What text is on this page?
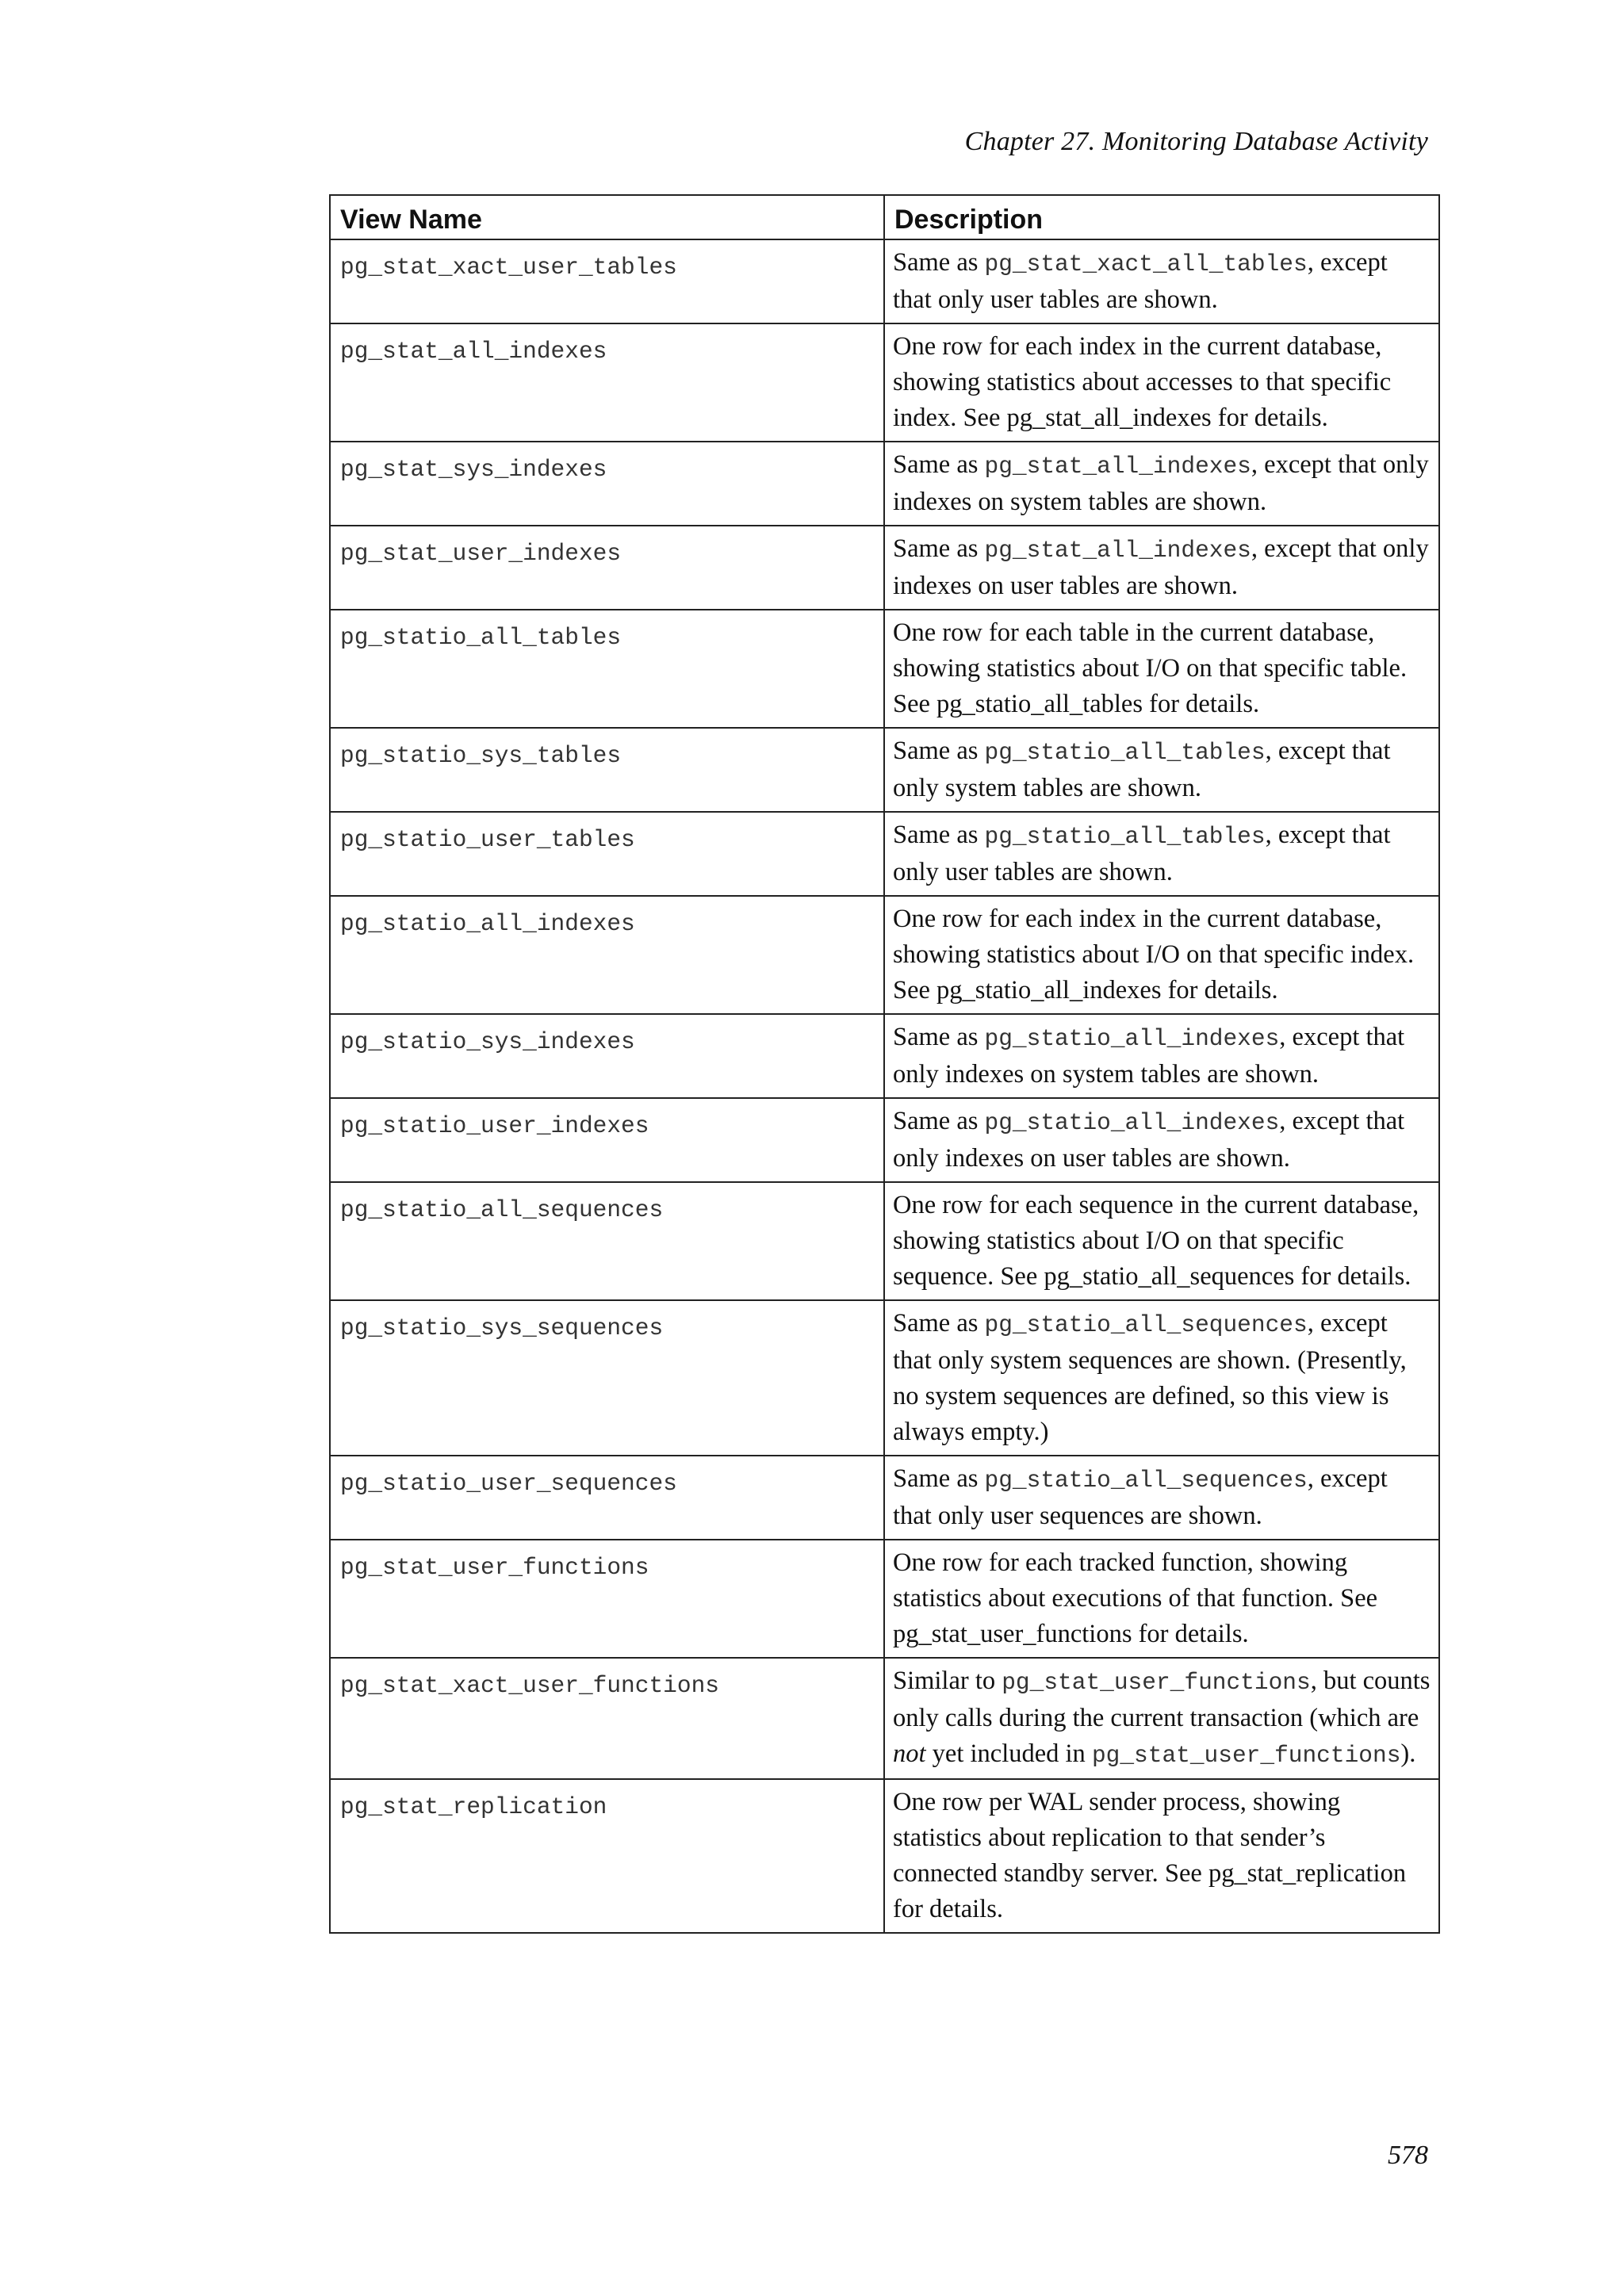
Chapter 27. Monitoring Database Activity
View Name	Description
pg_stat_xact_user_tables	Same as pg_stat_xact_all_tables, except that only user tables are shown.
pg_stat_all_indexes	One row for each index in the current database, showing statistics about accesses to that specific index. See pg_stat_all_indexes for details.
pg_stat_sys_indexes	Same as pg_stat_all_indexes, except that only indexes on system tables are shown.
pg_stat_user_indexes	Same as pg_stat_all_indexes, except that only indexes on user tables are shown.
pg_statio_all_tables	One row for each table in the current database, showing statistics about I/O on that specific table. See pg_statio_all_tables for details.
pg_statio_sys_tables	Same as pg_statio_all_tables, except that only system tables are shown.
pg_statio_user_tables	Same as pg_statio_all_tables, except that only user tables are shown.
pg_statio_all_indexes	One row for each index in the current database, showing statistics about I/O on that specific index. See pg_statio_all_indexes for details.
pg_statio_sys_indexes	Same as pg_statio_all_indexes, except that only indexes on system tables are shown.
pg_statio_user_indexes	Same as pg_statio_all_indexes, except that only indexes on user tables are shown.
pg_statio_all_sequences	One row for each sequence in the current database, showing statistics about I/O on that specific sequence. See pg_statio_all_sequences for details.
pg_statio_sys_sequences	Same as pg_statio_all_sequences, except that only system sequences are shown. (Presently, no system sequences are defined, so this view is always empty.)
pg_statio_user_sequences	Same as pg_statio_all_sequences, except that only user sequences are shown.
pg_stat_user_functions	One row for each tracked function, showing statistics about executions of that function. See pg_stat_user_functions for details.
pg_stat_xact_user_functions	Similar to pg_stat_user_functions, but counts only calls during the current transaction (which are not yet included in pg_stat_user_functions).
pg_stat_replication	One row per WAL sender process, showing statistics about replication to that sender’s connected standby server. See pg_stat_replication for details.
578
